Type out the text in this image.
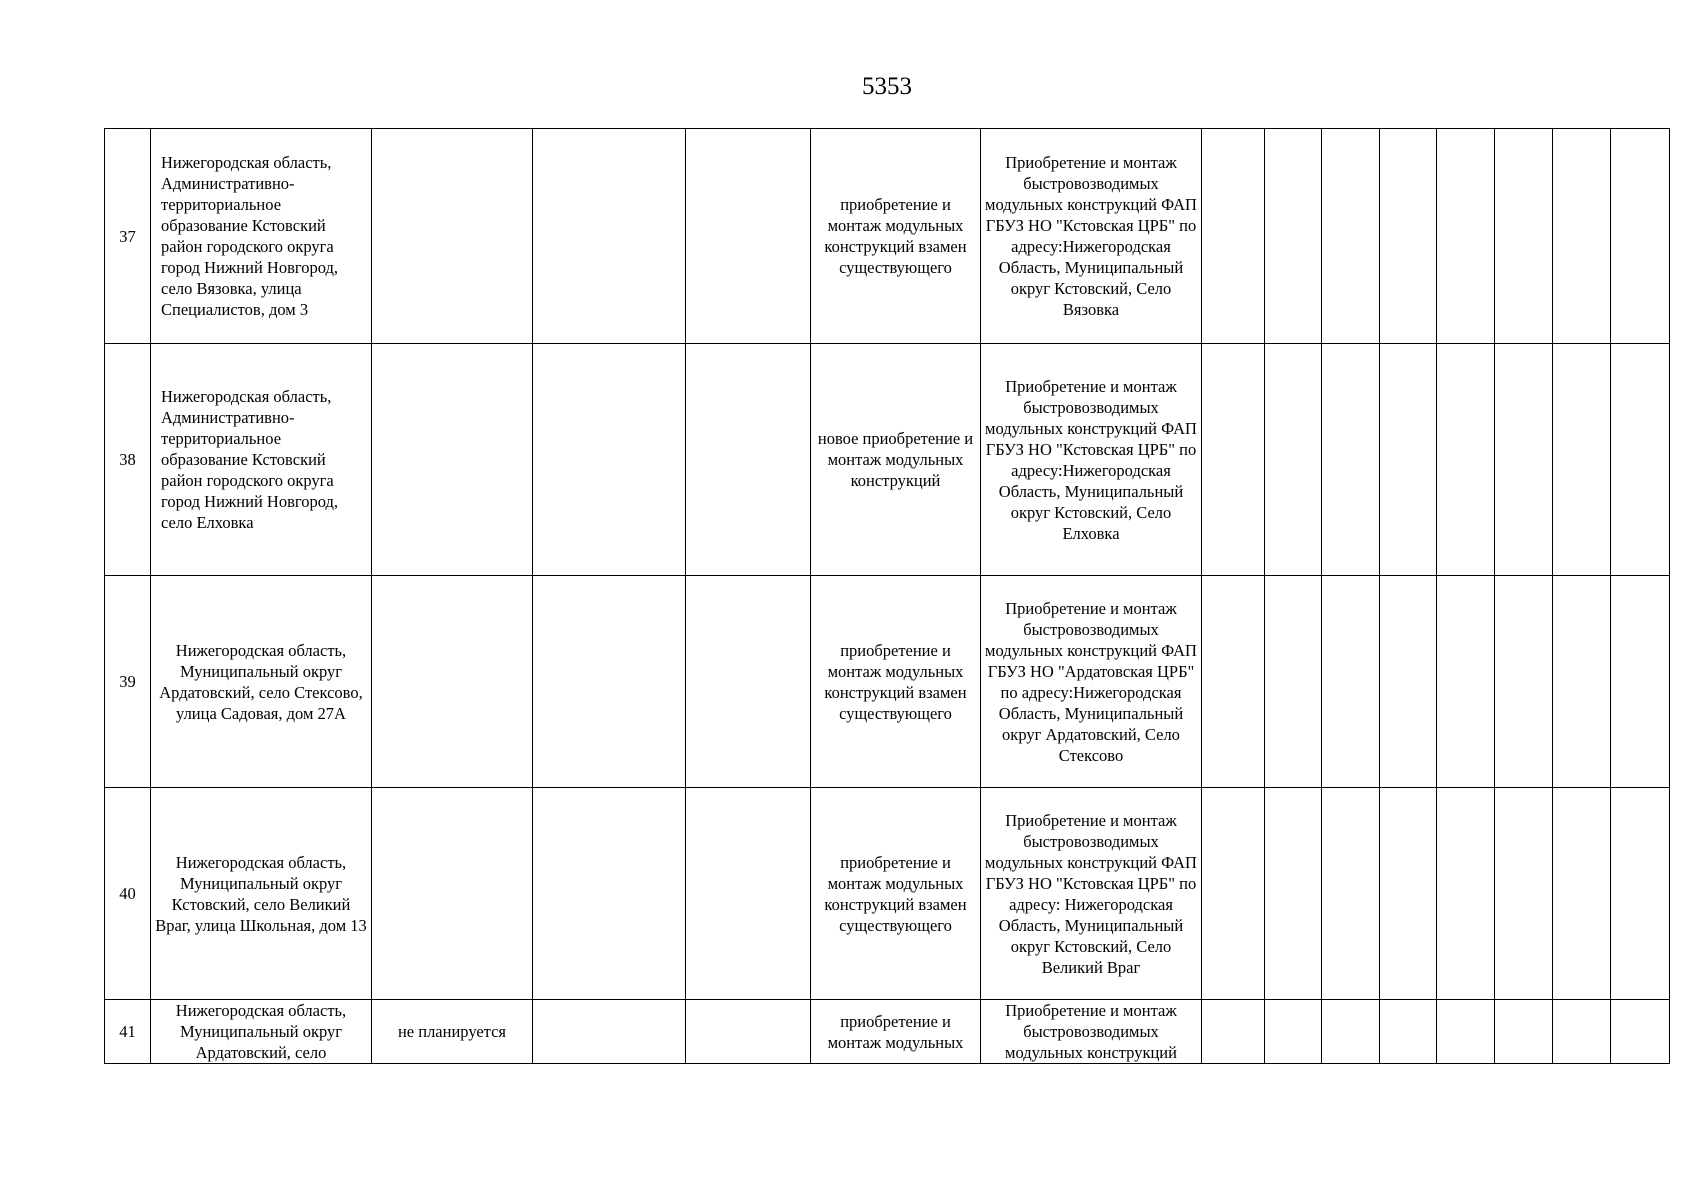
5353
37	Нижегородская область, Административно-территориальное образование Кстовский район городского округа город Нижний Новгород, село Вязовка, улица Специалистов, дом 3				приобретение и монтаж модульных конструкций взамен существующего	Приобретение и монтаж быстровозводимых модульных конструкций ФАП ГБУЗ НО "Кстовская ЦРБ" по адресу:Нижегородская Область, Муниципальный округ Кстовский, Село Вязовка								
38	Нижегородская область, Административно-территориальное образование Кстовский район городского округа город Нижний Новгород, село Елховка				новое приобретение и монтаж модульных конструкций	Приобретение и монтаж быстровозводимых модульных конструкций ФАП ГБУЗ НО "Кстовская ЦРБ" по адресу:Нижегородская Область, Муниципальный округ Кстовский, Село Елховка								
39	Нижегородская область, Муниципальный округ Ардатовский, село Стексово, улица Садовая, дом 27А				приобретение и монтаж модульных конструкций взамен существующего	Приобретение и монтаж быстровозводимых модульных конструкций ФАП ГБУЗ НО "Ардатовская ЦРБ" по адресу:Нижегородская Область, Муниципальный округ Ардатовский, Село Стексово								
40	Нижегородская область, Муниципальный округ Кстовский, село Великий Враг, улица Школьная, дом 13				приобретение и монтаж модульных конструкций взамен существующего	Приобретение и монтаж быстровозводимых модульных конструкций ФАП ГБУЗ НО "Кстовская ЦРБ" по адресу: Нижегородская Область, Муниципальный округ Кстовский, Село Великий Враг								
41	Нижегородская область, Муниципальный округ Ардатовский, село	не планируется			приобретение и монтаж модульных	Приобретение и монтаж быстровозводимых модульных конструкций								
